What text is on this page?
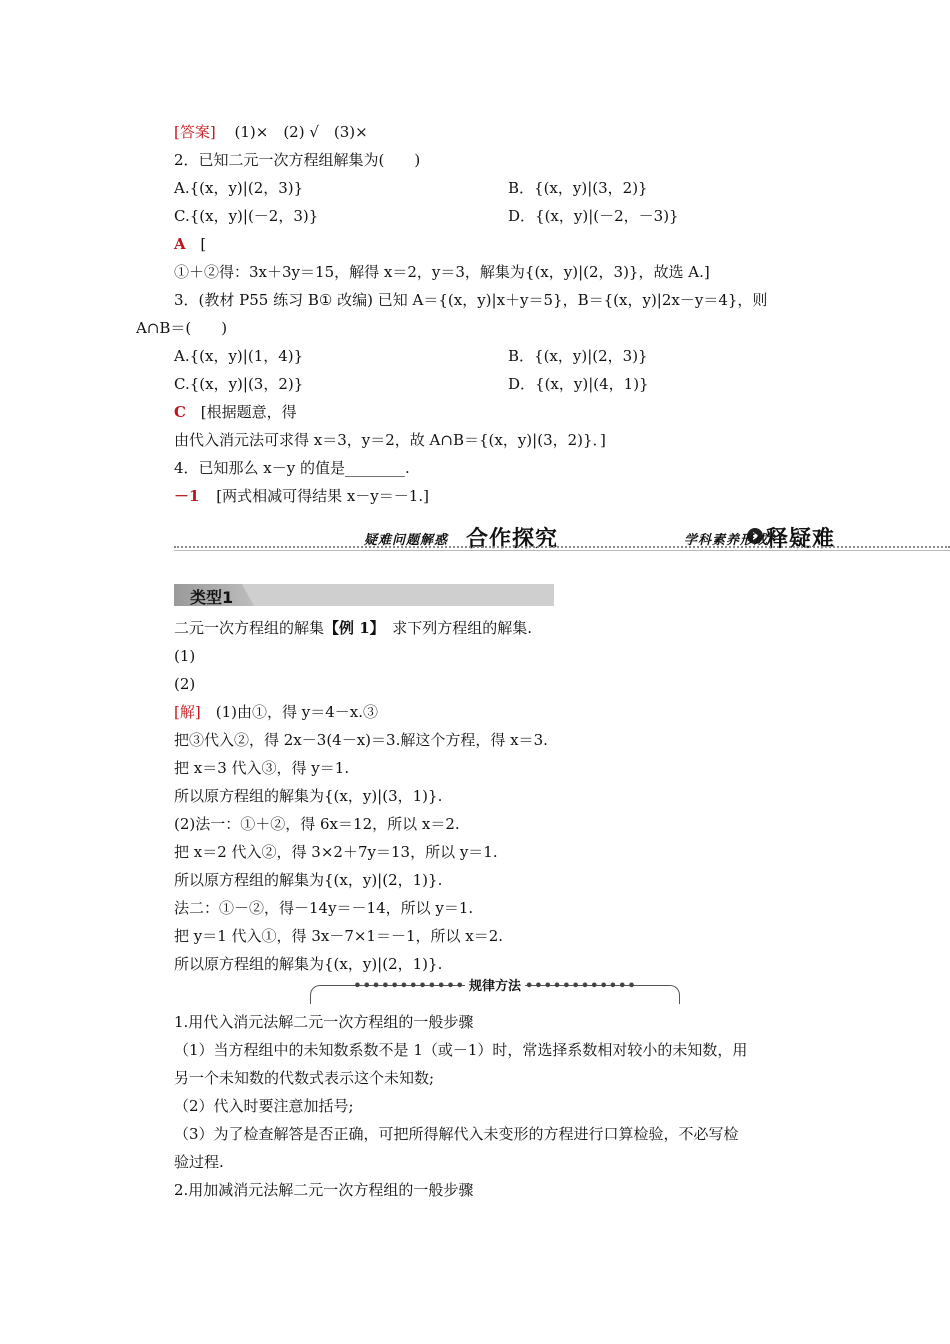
[答案] (1)×　(2) √　(3)×
2．已知二元一次方程组解集为(　　)
A.{(x，y)|(2，3)}	B．{(x，y)|(3，2)}
C.{(x，y)|(－2，3)}	D．{(x，y)|(－2，－3)}
A [
①＋②得：3x＋3y＝15，解得 x＝2，y＝3，解集为{(x，y)|(2，3)}，故选 A.]
3．(教材 P55 练习 B① 改编) 已知 A＝{(x，y)|x＋y＝5}，B＝{(x，y)|2x－y＝4}，则
A∩B＝(　　)
A.{(x，y)|(1，4)}	B．{(x，y)|(2，3)}
C.{(x，y)|(3，2)}	D．{(x，y)|(4，1)}
C [根据题意，得
由代入消元法可求得 x＝3，y＝2，故 A∩B＝{(x，y)|(3，2)}．]
4．已知那么 x－y 的值是________.
－1 [两式相减可得结果 x－y＝－1.]
疑难问题解惑 合作探究	释疑难
学科素养形成
类型1
二元一次方程组的解集【例 1】　求下列方程组的解集.
(1)
(2)
[解]　(1)由①，得 y＝4－x.③
把③代入②，得 2x－3(4－x)＝3.解这个方程，得 x＝3.
把 x＝3 代入③，得 y＝1.
所以原方程组的解集为{(x，y)|(3，1)}.
(2)法一：①＋②，得 6x＝12，所以 x＝2.
把 x＝2 代入②，得 3×2＋7y＝13，所以 y＝1.
所以原方程组的解集为{(x，y)|(2，1)}.
法二：①－②，得－14y＝－14，所以 y＝1.
把 y＝1 代入①，得 3x－7×1＝－1，所以 x＝2.
所以原方程组的解集为{(x，y)|(2，1)}.
•••••••••••• 规律方法 ••••••••••••
1.用代入消元法解二元一次方程组的一般步骤
（1）当方程组中的未知数系数不是 1（或－1）时，常选择系数相对较小的未知数，用
另一个未知数的代数式表示这个未知数;
（2）代入时要注意加括号;
（3）为了检查解答是否正确，可把所得解代入未变形的方程进行口算检验，不必写检
验过程.
2.用加减消元法解二元一次方程组的一般步骤
